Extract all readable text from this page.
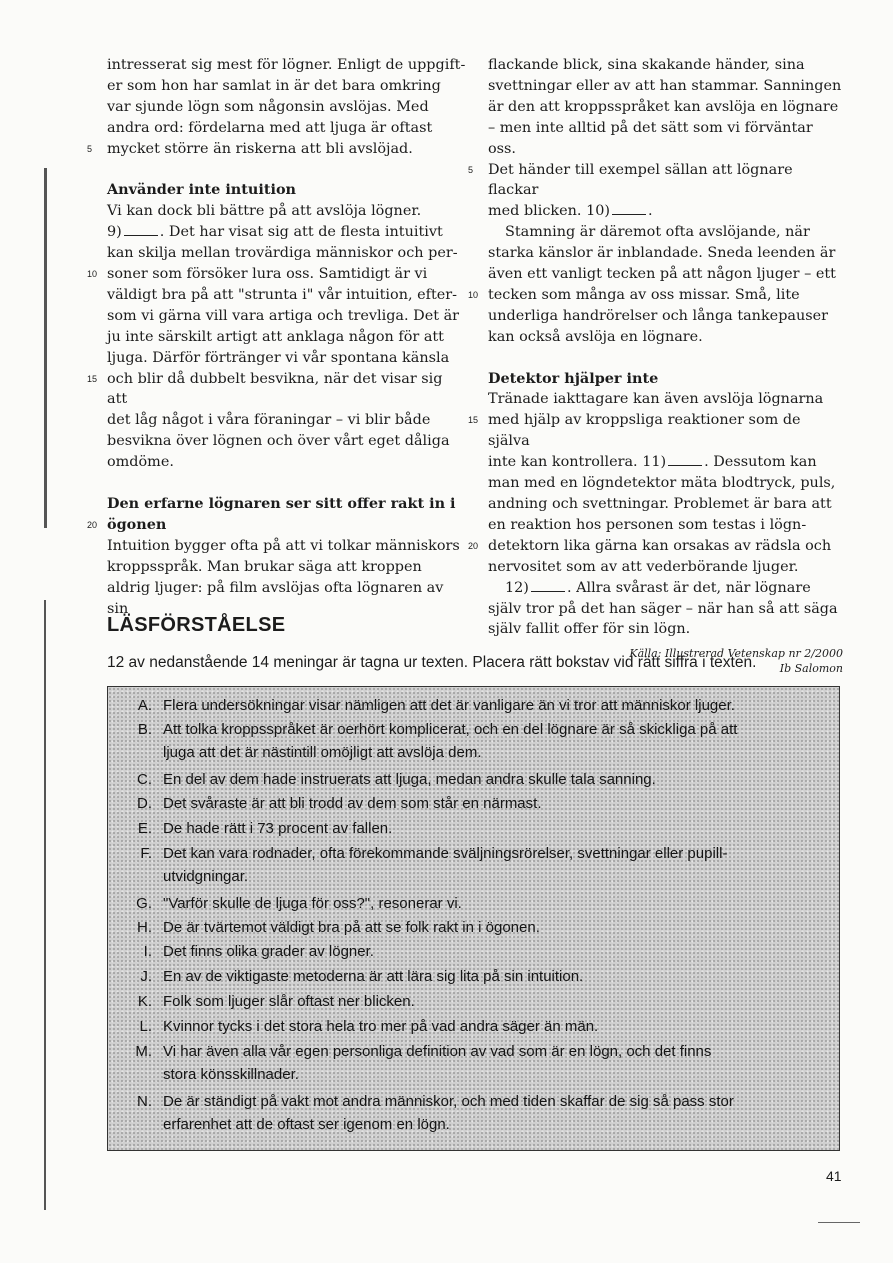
intresserat sig mest för lögner. Enligt de uppgift-

er som hon har samlat in är det bara omkring

var sjunde lögn som någonsin avslöjas. Med

andra ord: fördelarna med att ljuga är oftast

5 mycket större än riskerna att bli avslöjad.

Använder inte intuition

Vi kan dock bli bättre på att avslöja lögner.

9)	. Det har visat sig att de flesta intuitivt

kan skilja mellan trovärdiga människor och per-

10 soner som försöker lura oss. Samtidigt är vi

väldigt bra på att "strunta i" vår intuition, efter-

som vi gärna vill vara artiga och trevliga. Det är

ju inte särskilt artigt att anklaga någon för att

ljuga. Därför förtränger vi vår spontana känsla

15 och blir då dubbelt besvikna, när det visar sig att

det låg något i våra föraningar – vi blir både

besvikna över lögnen och över vårt eget dåliga

omdöme.

Den erfarne lögnaren ser sitt offer rakt in i

20 ögonen

Intuition bygger ofta på att vi tolkar människors

kroppsspråk. Man brukar säga att kroppen

aldrig ljuger: på film avslöjas ofta lögnaren av sin

flackande blick, sina skakande händer, sina

svettningar eller av att han stammar. Sanningen

är den att kroppsspråket kan avslöja en lögnare

– men inte alltid på det sätt som vi förväntar oss.

5 Det händer till exempel sällan att lögnare flackar

med blicken. 10)	.

Stamning är däremot ofta avslöjande, när

starka känslor är inblandade. Sneda leenden är

även ett vanligt tecken på att någon ljuger – ett

10 tecken som många av oss missar. Små, lite

underliga handrörelser och långa tankepauser

kan också avslöja en lögnare.

Detektor hjälper inte

Tränade iakttagare kan även avslöja lögnarna

15 med hjälp av kroppsliga reaktioner som de själva

inte kan kontrollera. 11)	. Dessutom kan

man med en lögndetektor mäta blodtryck, puls,

andning och svettningar. Problemet är bara att

en reaktion hos personen som testas i lögn-

20 detektorn lika gärna kan orsakas av rädsla och

nervositet som av att vederbörande ljuger.

12)	. Allra svårast är det, när lögnare

själv tror på det han säger – när han så att säga

själv fallit offer för sin lögn.

Källa: Illustrerad Vetenskap nr 2/2000
Ib Salomon
LÄSFÖRSTÅELSE
12 av nedanstående 14 meningar är tagna ur texten. Placera rätt bokstav vid rätt siffra i texten.
A. Flera undersökningar visar nämligen att det är vanligare än vi tror att människor ljuger.
B. Att tolka kroppsspråket är oerhört komplicerat, och en del lögnare är så skickliga på att
ljuga att det är nästintill omöjligt att avslöja dem.
C. En del av dem hade instruerats att ljuga, medan andra skulle tala sanning.
D. Det svåraste är att bli trodd av dem som står en närmast.
E. De hade rätt i 73 procent av fallen.
F. Det kan vara rodnader, ofta förekommande sväljningsrörelser, svettningar eller pupill-
utvidgningar.
G. "Varför skulle de ljuga för oss?", resonerar vi.
H. De är tvärtemot väldigt bra på att se folk rakt in i ögonen.
I. Det finns olika grader av lögner.
J. En av de viktigaste metoderna är att lära sig lita på sin intuition.
K. Folk som ljuger slår oftast ner blicken.
L. Kvinnor tycks i det stora hela tro mer på vad andra säger än män.
M. Vi har även alla vår egen personliga definition av vad som är en lögn, och det finns
stora könsskillnader.
N. De är ständigt på vakt mot andra människor, och med tiden skaffar de sig så pass stor
erfarenhet att de oftast ser igenom en lögn.
41
